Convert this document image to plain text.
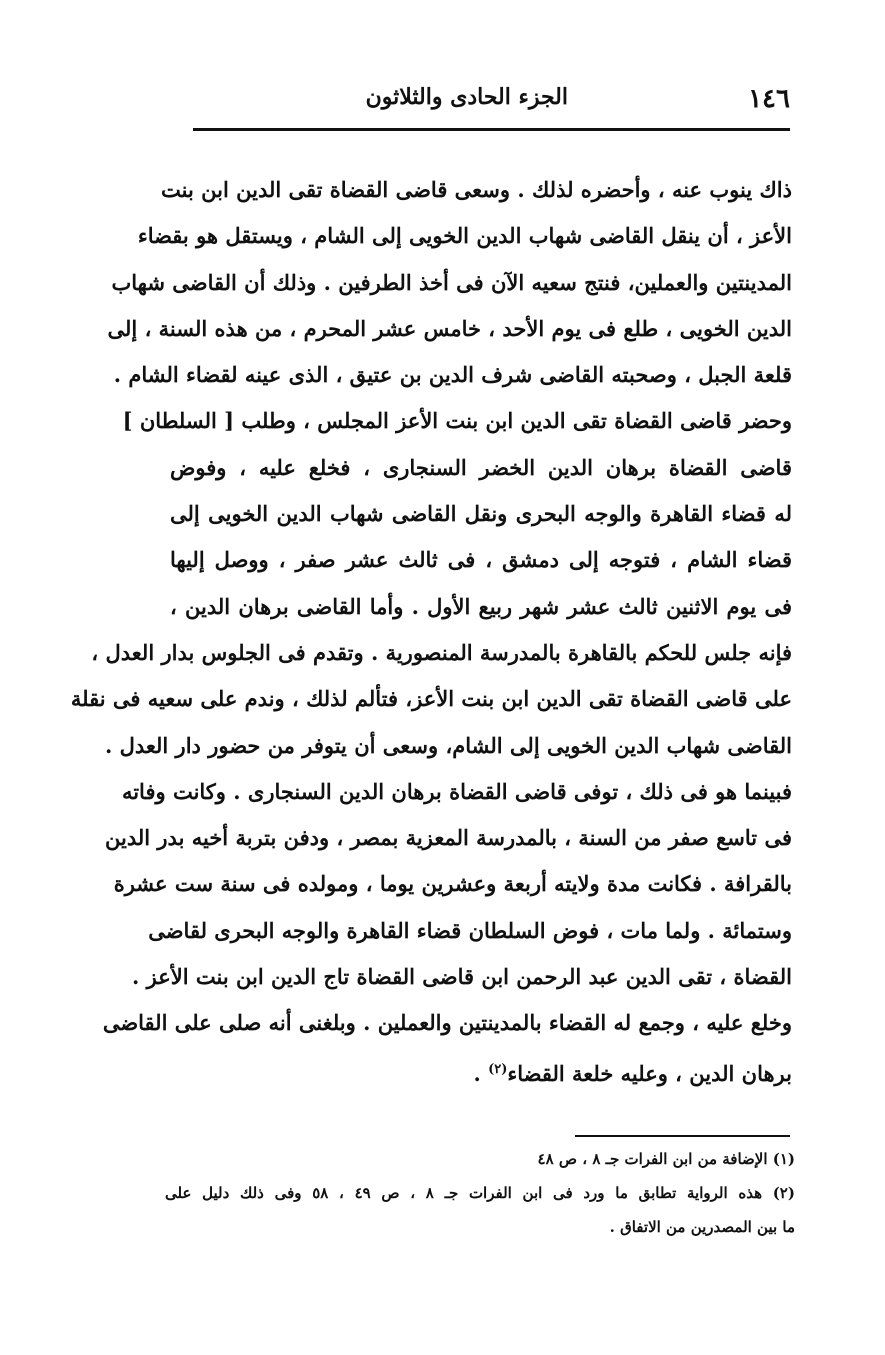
١٤٦
الجزء الحادى والثلاثون
ذاك ينوب عنه ، وأحضره لذلك . وسعى قاضى القضاة تقى الدين ابن بنت
الأعز ، أن ينقل القاضى شهاب الدين الخويى إلى الشام ، ويستقل هو بقضاء
المدينتين والعملين، فنتج سعيه الآن فى أخذ الطرفين . وذلك أن القاضى شهاب
الدين الخويى ، طلع فى يوم الأحد ، خامس عشر المحرم ، من هذه السنة ، إلى
قلعة الجبل ، وصحبته القاضى شرف الدين بن عتيق ، الذى عينه لقضاء الشام .
وحضر قاضى القضاة تقى الدين ابن بنت الأعز المجلس ، وطلب [ السلطان ]
قاضى القضاة برهان الدين الخضر السنجارى ، فخلع عليه ، وفوض
له قضاء القاهرة والوجه البحرى ونقل القاضى شهاب الدين الخويى إلى
قضاء الشام ، فتوجه إلى دمشق ، فى ثالث عشر صفر ، ووصل إليها
فى يوم الاثنين ثالث عشر شهر ربيع الأول . وأما القاضى برهان الدين ،
فإنه جلس للحكم بالقاهرة بالمدرسة المنصورية . وتقدم فى الجلوس بدار العدل ،
على قاضى القضاة تقى الدين ابن بنت الأعز، فتألم لذلك ، وندم على سعيه فى نقلة
القاضى شهاب الدين الخويى إلى الشام، وسعى أن يتوفر من حضور دار العدل .
فبينما هو فى ذلك ، توفى قاضى القضاة برهان الدين السنجارى . وكانت وفاته
فى تاسع صفر من السنة ، بالمدرسة المعزية بمصر ، ودفن بتربة أخيه بدر الدين
بالقرافة . فكانت مدة ولايته أربعة وعشرين يوما ، ومولده فى سنة ست عشرة
وستمائة . ولما مات ، فوض السلطان قضاء القاهرة والوجه البحرى لقاضى
القضاة ، تقى الدين عبد الرحمن ابن قاضى القضاة تاج الدين ابن بنت الأعز .
وخلع عليه ، وجمع له القضاء بالمدينتين والعملين . وبلغنى أنه صلى على القاضى
برهان الدين ، وعليه خلعة القضاء$^{(٢)}$ .
(١) الإضافة من ابن الفرات جـ ٨ ، ص ٤٨
(٢) هذه الرواية تطابق ما ورد فى ابن الفرات جـ ٨ ، ص ٤٩ ، ٥٨ وفى ذلك دليل على
ما بين المصدرين من الاتفاق .
